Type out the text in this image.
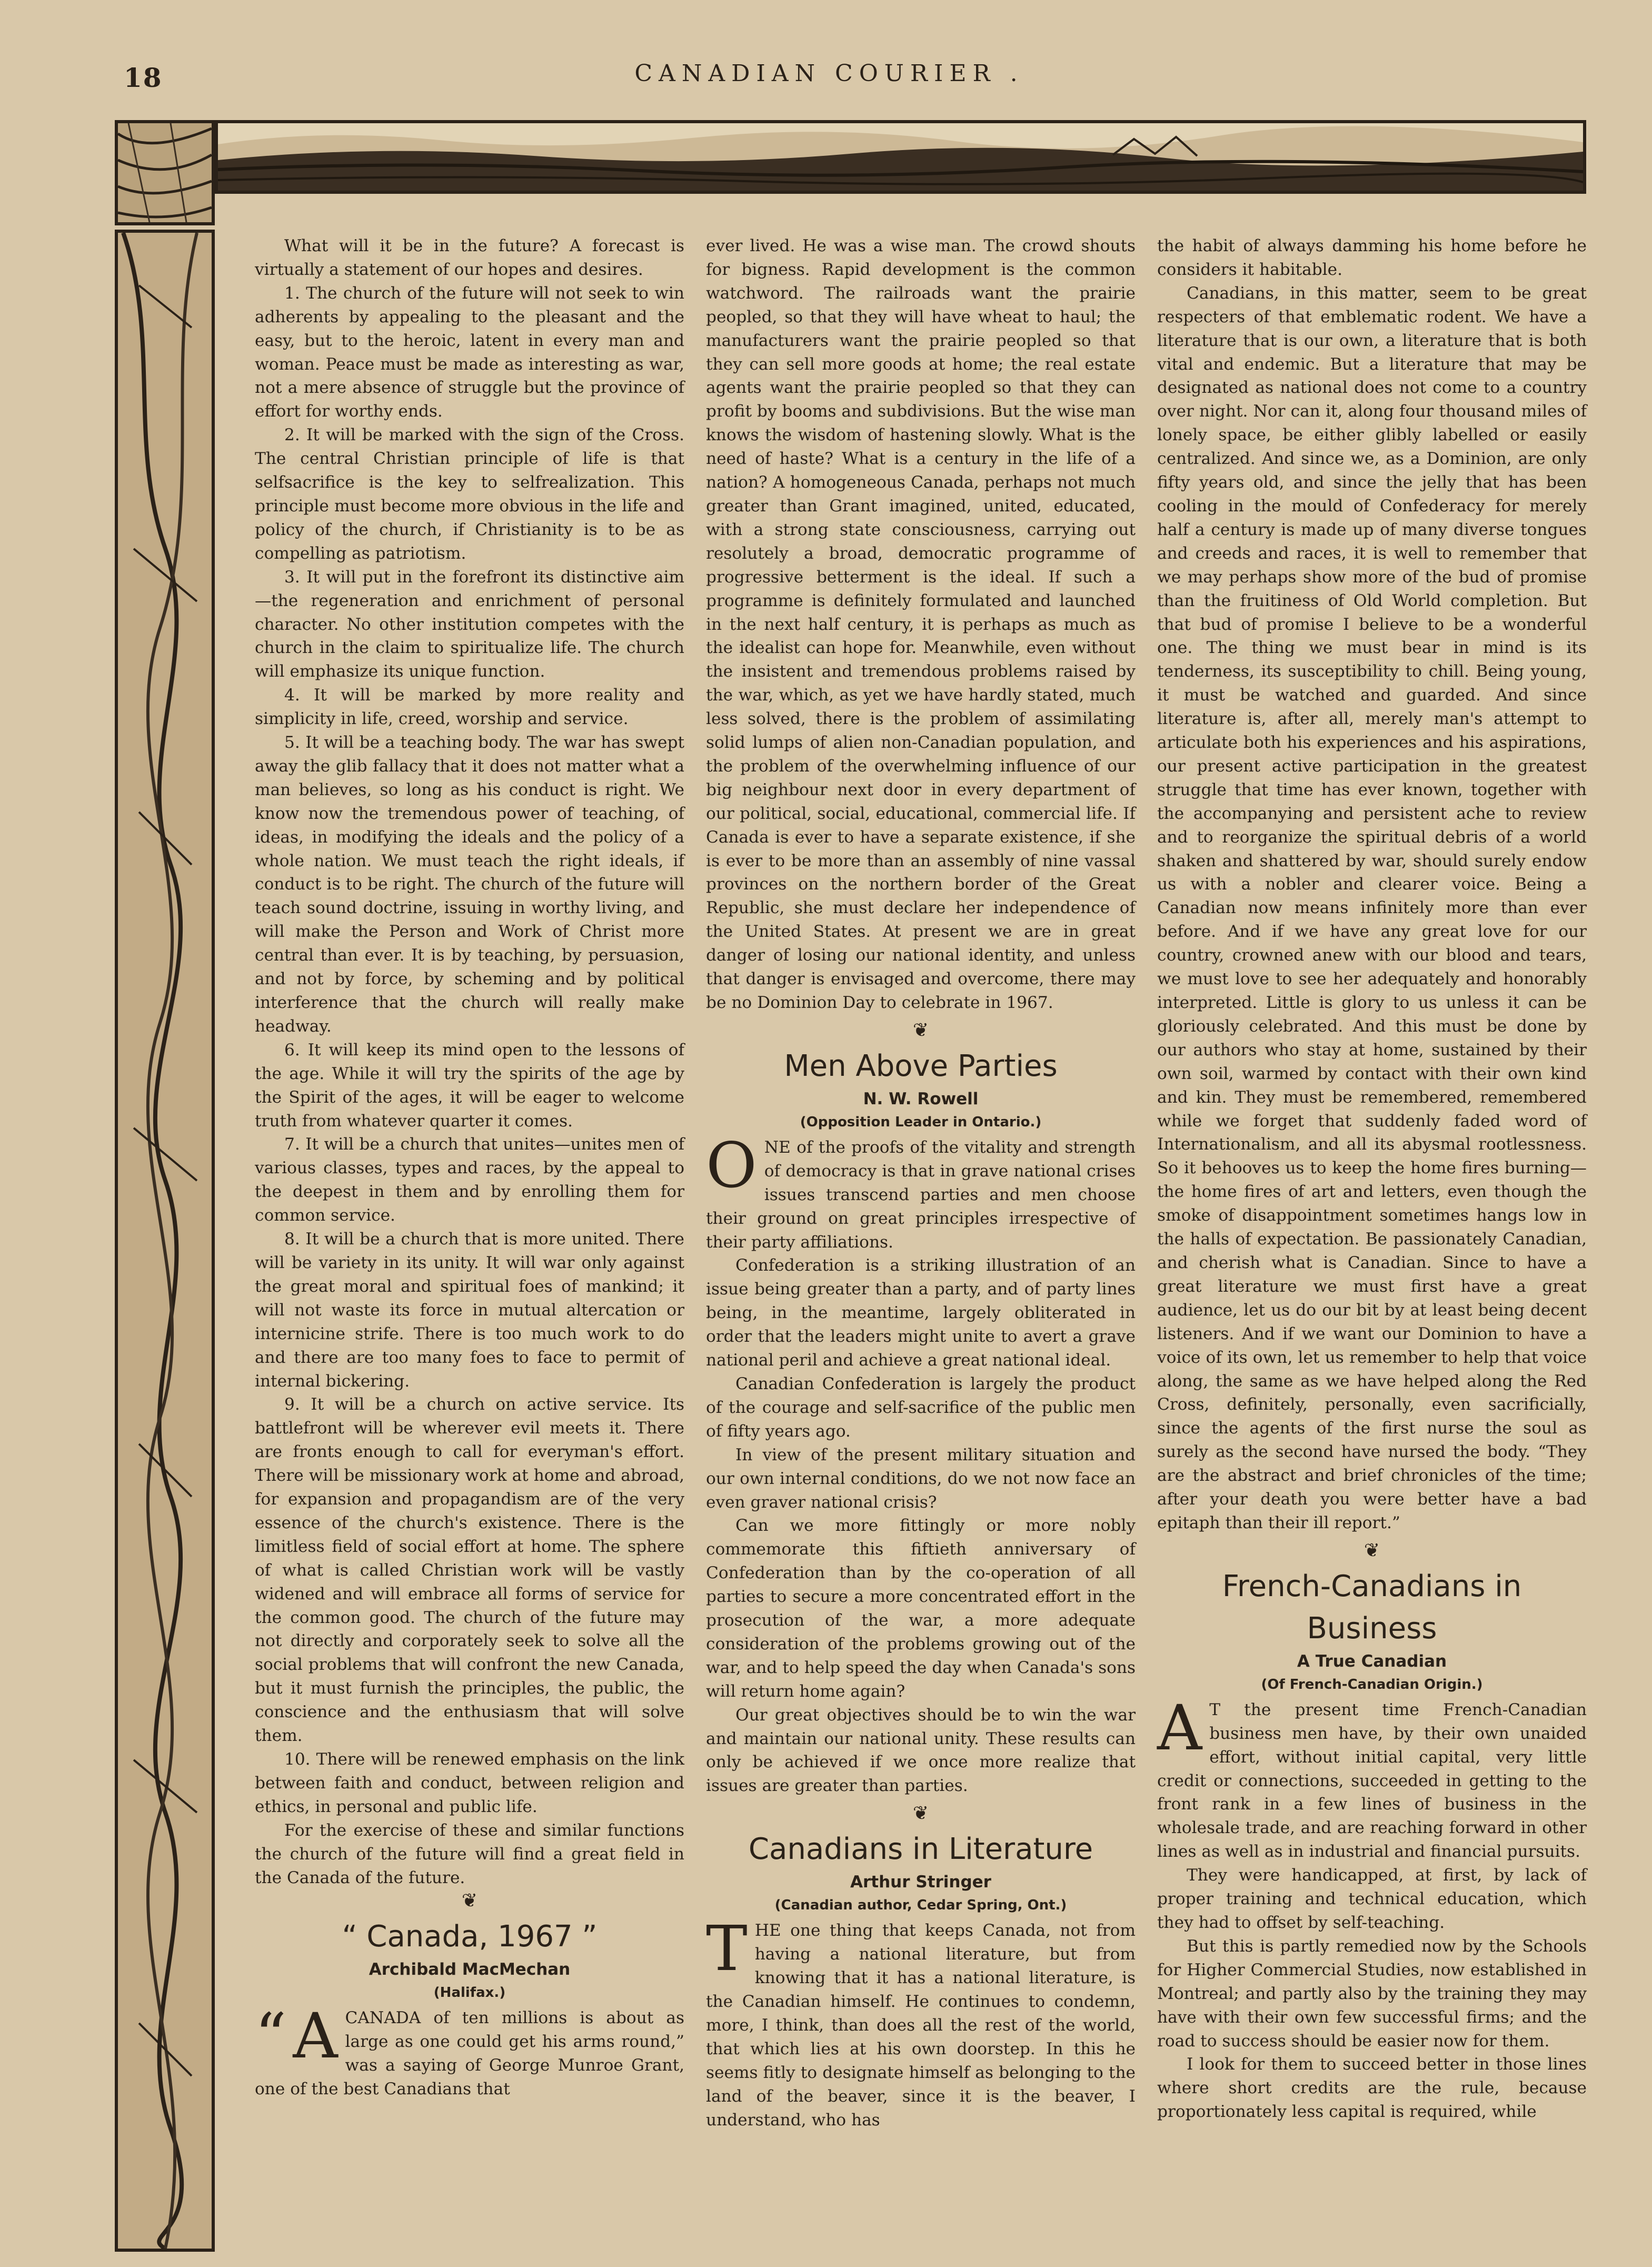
18	CANADIAN COURIER .

What will it be in the future? A forecast is virtually a statement of our hopes and desires.

1. The church of the future will not seek to win adherents by appealing to the pleasant and the easy, but to the heroic, latent in every man and woman. Peace must be made as interesting as war, not a mere absence of struggle but the province of effort for worthy ends.

2. It will be marked with the sign of the Cross. The central Christian principle of life is that selfsacrifice is the key to selfrealization. This principle must become more obvious in the life and policy of the church, if Christianity is to be as compelling as patriotism.

3. It will put in the forefront its distinctive aim—the regeneration and enrichment of personal character. No other institution competes with the church in the claim to spiritualize life. The church will emphasize its unique function.

4. It will be marked by more reality and simplicity in life, creed, worship and service.

5. It will be a teaching body. The war has swept away the glib fallacy that it does not matter what a man believes, so long as his conduct is right. We know now the tremendous power of teaching, of ideas, in modifying the ideals and the policy of a whole nation. We must teach the right ideals, if conduct is to be right. The church of the future will teach sound doctrine, issuing in worthy living, and will make the Person and Work of Christ more central than ever. It is by teaching, by persuasion, and not by force, by scheming and by political interference that the church will really make headway.

6. It will keep its mind open to the lessons of the age. While it will try the spirits of the age by the Spirit of the ages, it will be eager to welcome truth from whatever quarter it comes.

7. It will be a church that unites—unites men of various classes, types and races, by the appeal to the deepest in them and by enrolling them for common service.

8. It will be a church that is more united. There will be variety in its unity. It will war only against the great moral and spiritual foes of mankind; it will not waste its force in mutual altercation or internicine strife. There is too much work to do and there are too many foes to face to permit of internal bickering.

9. It will be a church on active service. Its battlefront will be wherever evil meets it. There are fronts enough to call for everyman's effort. There will be missionary work at home and abroad, for expansion and propagandism are of the very essence of the church's existence. There is the limitless field of social effort at home. The sphere of what is called Christian work will be vastly widened and will embrace all forms of service for the common good. The church of the future may not directly and corporately seek to solve all the social problems that will confront the new Canada, but it must furnish the principles, the public, the conscience and the enthusiasm that will solve them.

10. There will be renewed emphasis on the link between faith and conduct, between religion and ethics, in personal and public life.

For the exercise of these and similar functions the church of the future will find a great field in the Canada of the future.

❦
“ Canada, 1967 ”
Archibald MacMechan
(Halifax.)

“ A CANADA of ten millions is about as large as one could get his arms round,” was a saying of George Munroe Grant, one of the best Canadians that

ever lived. He was a wise man. The crowd shouts for bigness. Rapid development is the common watchword. The railroads want the prairie peopled, so that they will have wheat to haul; the manufacturers want the prairie peopled so that they can sell more goods at home; the real estate agents want the prairie peopled so that they can profit by booms and subdivisions. But the wise man knows the wisdom of hastening slowly. What is the need of haste? What is a century in the life of a nation? A homogeneous Canada, perhaps not much greater than Grant imagined, united, educated, with a strong state consciousness, carrying out resolutely a broad, democratic programme of progressive betterment is the ideal. If such a programme is definitely formulated and launched in the next half century, it is perhaps as much as the idealist can hope for. Meanwhile, even without the insistent and tremendous problems raised by the war, which, as yet we have hardly stated, much less solved, there is the problem of assimilating solid lumps of alien non-Canadian population, and the problem of the overwhelming influence of our big neighbour next door in every department of our political, social, educational, commercial life. If Canada is ever to have a separate existence, if she is ever to be more than an assembly of nine vassal provinces on the northern border of the Great Republic, she must declare her independence of the United States. At present we are in great danger of losing our national identity, and unless that danger is envisaged and overcome, there may be no Dominion Day to celebrate in 1967.

❦
Men Above Parties
N. W. Rowell
(Opposition Leader in Ontario.)

ONE of the proofs of the vitality and strength of democracy is that in grave national crises issues transcend parties and men choose their ground on great principles irrespective of their party affiliations.

Confederation is a striking illustration of an issue being greater than a party, and of party lines being, in the meantime, largely obliterated in order that the leaders might unite to avert a grave national peril and achieve a great national ideal.

Canadian Confederation is largely the product of the courage and self-sacrifice of the public men of fifty years ago.

In view of the present military situation and our own internal conditions, do we not now face an even graver national crisis?

Can we more fittingly or more nobly commemorate this fiftieth anniversary of Confederation than by the co-operation of all parties to secure a more concentrated effort in the prosecution of the war, a more adequate consideration of the problems growing out of the war, and to help speed the day when Canada's sons will return home again?

Our great objectives should be to win the war and maintain our national unity. These results can only be achieved if we once more realize that issues are greater than parties.

❦
Canadians in Literature
Arthur Stringer
(Canadian author, Cedar Spring, Ont.)

THE one thing that keeps Canada, not from having a national literature, but from knowing that it has a national literature, is the Canadian himself. He continues to condemn, more, I think, than does all the rest of the world, that which lies at his own doorstep. In this he seems fitly to designate himself as belonging to the land of the beaver, since it is the beaver, I understand, who has

the habit of always damming his home before he considers it habitable.

Canadians, in this matter, seem to be great respecters of that emblematic rodent. We have a literature that is our own, a literature that is both vital and endemic. But a literature that may be designated as national does not come to a country over night. Nor can it, along four thousand miles of lonely space, be either glibly labelled or easily centralized. And since we, as a Dominion, are only fifty years old, and since the jelly that has been cooling in the mould of Confederacy for merely half a century is made up of many diverse tongues and creeds and races, it is well to remember that we may perhaps show more of the bud of promise than the fruitiness of Old World completion. But that bud of promise I believe to be a wonderful one. The thing we must bear in mind is its tenderness, its susceptibility to chill. Being young, it must be watched and guarded. And since literature is, after all, merely man's attempt to articulate both his experiences and his aspirations, our present active participation in the greatest struggle that time has ever known, together with the accompanying and persistent ache to review and to reorganize the spiritual debris of a world shaken and shattered by war, should surely endow us with a nobler and clearer voice. Being a Canadian now means infinitely more than ever before. And if we have any great love for our country, crowned anew with our blood and tears, we must love to see her adequately and honorably interpreted. Little is glory to us unless it can be gloriously celebrated. And this must be done by our authors who stay at home, sustained by their own soil, warmed by contact with their own kind and kin. They must be remembered, remembered while we forget that suddenly faded word of Internationalism, and all its abysmal rootlessness. So it behooves us to keep the home fires burning—the home fires of art and letters, even though the smoke of disappointment sometimes hangs low in the halls of expectation. Be passionately Canadian, and cherish what is Canadian. Since to have a great literature we must first have a great audience, let us do our bit by at least being decent listeners. And if we want our Dominion to have a voice of its own, let us remember to help that voice along, the same as we have helped along the Red Cross, definitely, personally, even sacrificially, since the agents of the first nurse the soul as surely as the second have nursed the body. “They are the abstract and brief chronicles of the time; after your death you were better have a bad epitaph than their ill report.”

❦
French-Canadians in Business
A True Canadian
(Of French-Canadian Origin.)

A T the present time French-Canadian business men have, by their own unaided effort, without initial capital, very little credit or connections, succeeded in getting to the front rank in a few lines of business in the wholesale trade, and are reaching forward in other lines as well as in industrial and financial pursuits.

They were handicapped, at first, by lack of proper training and technical education, which they had to offset by self-teaching.

But this is partly remedied now by the Schools for Higher Commercial Studies, now established in Montreal; and partly also by the training they may have with their own few successful firms; and the road to success should be easier now for them.

I look for them to succeed better in those lines where short credits are the rule, because proportionately less capital is required, while
